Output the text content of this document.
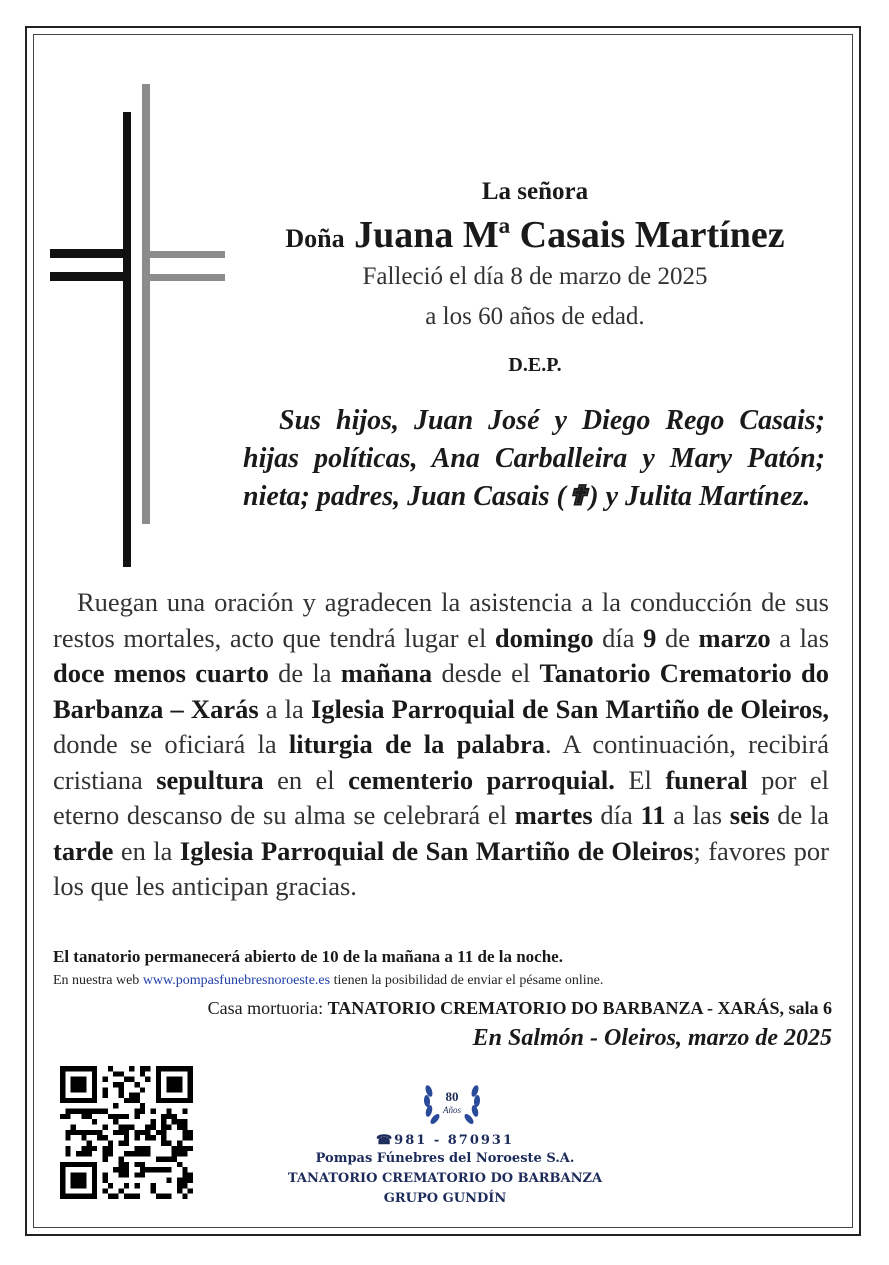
La señora
Doña Juana Mª Casais Martínez
Falleció el día 8 de marzo de 2025
a los 60 años de edad.
D.E.P.
Sus hijos, Juan José y Diego Rego Casais; hijas políticas, Ana Carballeira y Mary Patón; nieta; padres, Juan Casais (✟) y Julita Martínez.
Ruegan una oración y agradecen la asistencia a la conducción de sus restos mortales, acto que tendrá lugar el domingo día 9 de marzo a las doce menos cuarto de la mañana desde el Tanatorio Crematorio do Barbanza – Xarás a la Iglesia Parroquial de San Martiño de Oleiros, donde se oficiará la liturgia de la palabra. A continuación, recibirá cristiana sepultura en el cementerio parroquial. El funeral por el eterno descanso de su alma se celebrará el martes día 11 a las seis de la tarde en la Iglesia Parroquial de San Martiño de Oleiros; favores por los que les anticipan gracias.
El tanatorio permanecerá abierto de 10 de la mañana a 11 de la noche.
En nuestra web www.pompasfunebresnoroeste.es tienen la posibilidad de enviar el pésame online.
Casa mortuoria: TANATORIO CREMATORIO DO BARBANZA - XARÁS, sala 6
En Salmón - Oleiros, marzo de 2025
80
Años
☎981 - 870931
Pompas Fúnebres del Noroeste S.A.
TANATORIO CREMATORIO DO BARBANZA
GRUPO GUNDÍN
